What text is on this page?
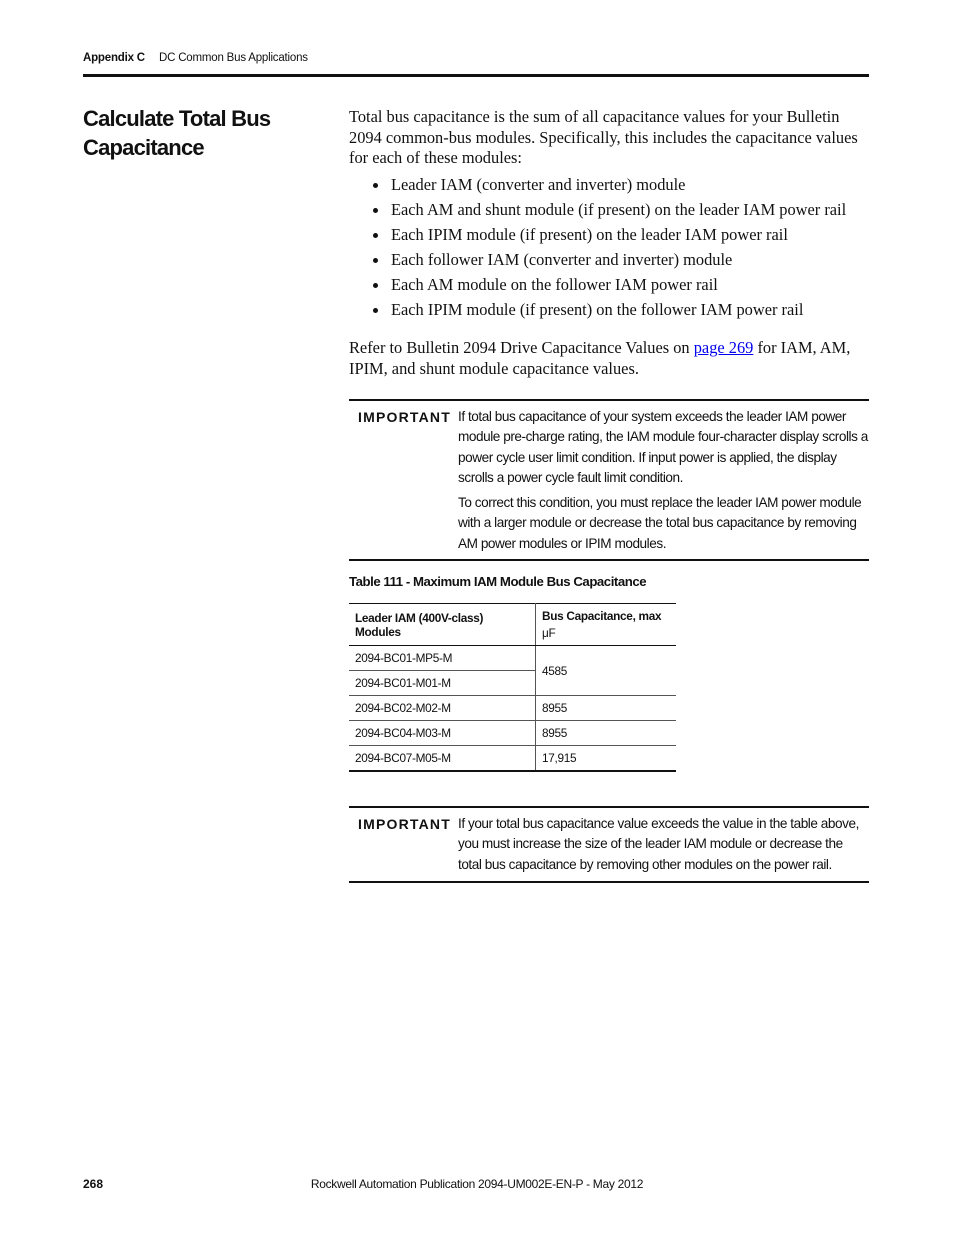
Appendix C DC Common Bus Applications
Calculate Total Bus Capacitance

Total bus capacitance is the sum of all capacitance values for your Bulletin 2094 common-bus modules. Specifically, this includes the capacitance values for each of these modules:

Leader IAM (converter and inverter) module
Each AM and shunt module (if present) on the leader IAM power rail
Each IPIM module (if present) on the leader IAM power rail
Each follower IAM (converter and inverter) module
Each AM module on the follower IAM power rail
Each IPIM module (if present) on the follower IAM power rail

Refer to Bulletin 2094 Drive Capacitance Values on page 269 for IAM, AM, IPIM, and shunt module capacitance values.

IMPORTANT If total bus capacitance of your system exceeds the leader IAM power module pre-charge rating, the IAM module four-character display scrolls a power cycle user limit condition. If input power is applied, the display scrolls a power cycle fault limit condition.

To correct this condition, you must replace the leader IAM power module with a larger module or decrease the total bus capacitance by removing AM power modules or IPIM modules.

Table 111 - Maximum IAM Module Bus Capacitance
Leader IAM (400V-class) Modules	Bus Capacitance, max
μF

2094-BC01-MP5-M	4585
2094-BC01-M01-M	
2094-BC02-M02-M	8955
2094-BC04-M03-M	8955
2094-BC07-M05-M	17,915
IMPORTANT If your total bus capacitance value exceeds the value in the table above, you must increase the size of the leader IAM module or decrease the total bus capacitance by removing other modules on the power rail.

268	Rockwell Automation Publication 2094-UM002E-EN-P - May 2012
